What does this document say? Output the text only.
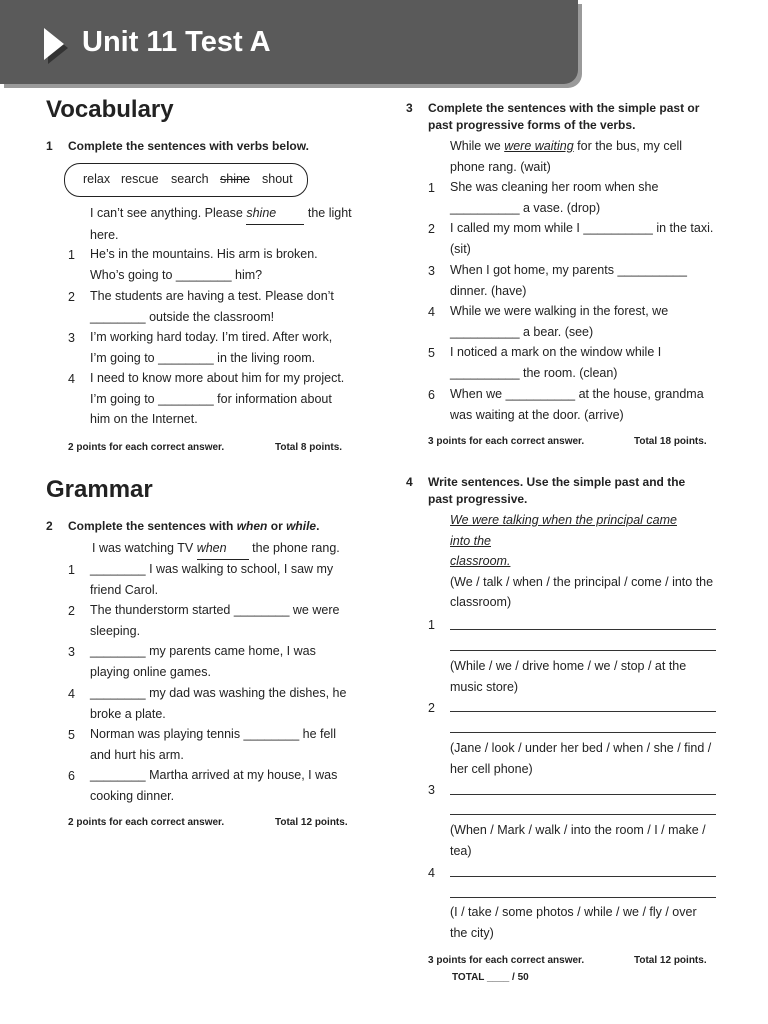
Unit 11 Test A
Vocabulary
1 Complete the sentences with verbs below.
relax rescue search shine shout
I can’t see anything. Please shine	the light
here.
1 He’s in the mountains. His arm is broken.
Who’s going to ________ him?
2 The students are having a test. Please don’t
________ outside the classroom!
3 I’m working hard today. I’m tired. After work,
I’m going to ________ in the living room.
4 I need to know more about him for my project.
I’m going to ________ for information about
him on the Internet.
2 points for each correct answer.	Total 8 points.
Grammar
2 Complete the sentences with when or while.
I was watching TV when the phone rang.
1 ________ I was walking to school, I saw my
friend Carol.
2 The thunderstorm started ________ we were
sleeping.
3 ________ my parents came home, I was
playing online games.
4 ________ my dad was washing the dishes, he
broke a plate.
5 Norman was playing tennis ________ he fell
and hurt his arm.
6 ________ Martha arrived at my house, I was
cooking dinner.
2 points for each correct answer.	Total 12 points.
3 Complete the sentences with the simple past or
past progressive forms of the verbs.
While we were waiting for the bus, my cell
phone rang. (wait)
1 She was cleaning her room when she
__________ a vase. (drop)
2 I called my mom while I __________ in the taxi.
(sit)
3 When I got home, my parents __________
dinner. (have)
4 While we were walking in the forest, we
__________ a bear. (see)
5 I noticed a mark on the window while I
__________ the room. (clean)
6 When we __________ at the house, grandma
was waiting at the door. (arrive)
3 points for each correct answer.	Total 18 points.
4 Write sentences. Use the simple past and the
past progressive.
We were talking when the principal came
into the
classroom.
(We / talk / when / the principal / come / into the
classroom)
1
(While / we / drive home / we / stop / at the
music store)
2
(Jane / look / under her bed / when / she / find /
her cell phone)
3
(When / Mark / walk / into the room / I / make /
tea)
4
(I / take / some photos / while / we / fly / over
the city)
3 points for each correct answer.	Total 12 points.
TOTAL ____ / 50
